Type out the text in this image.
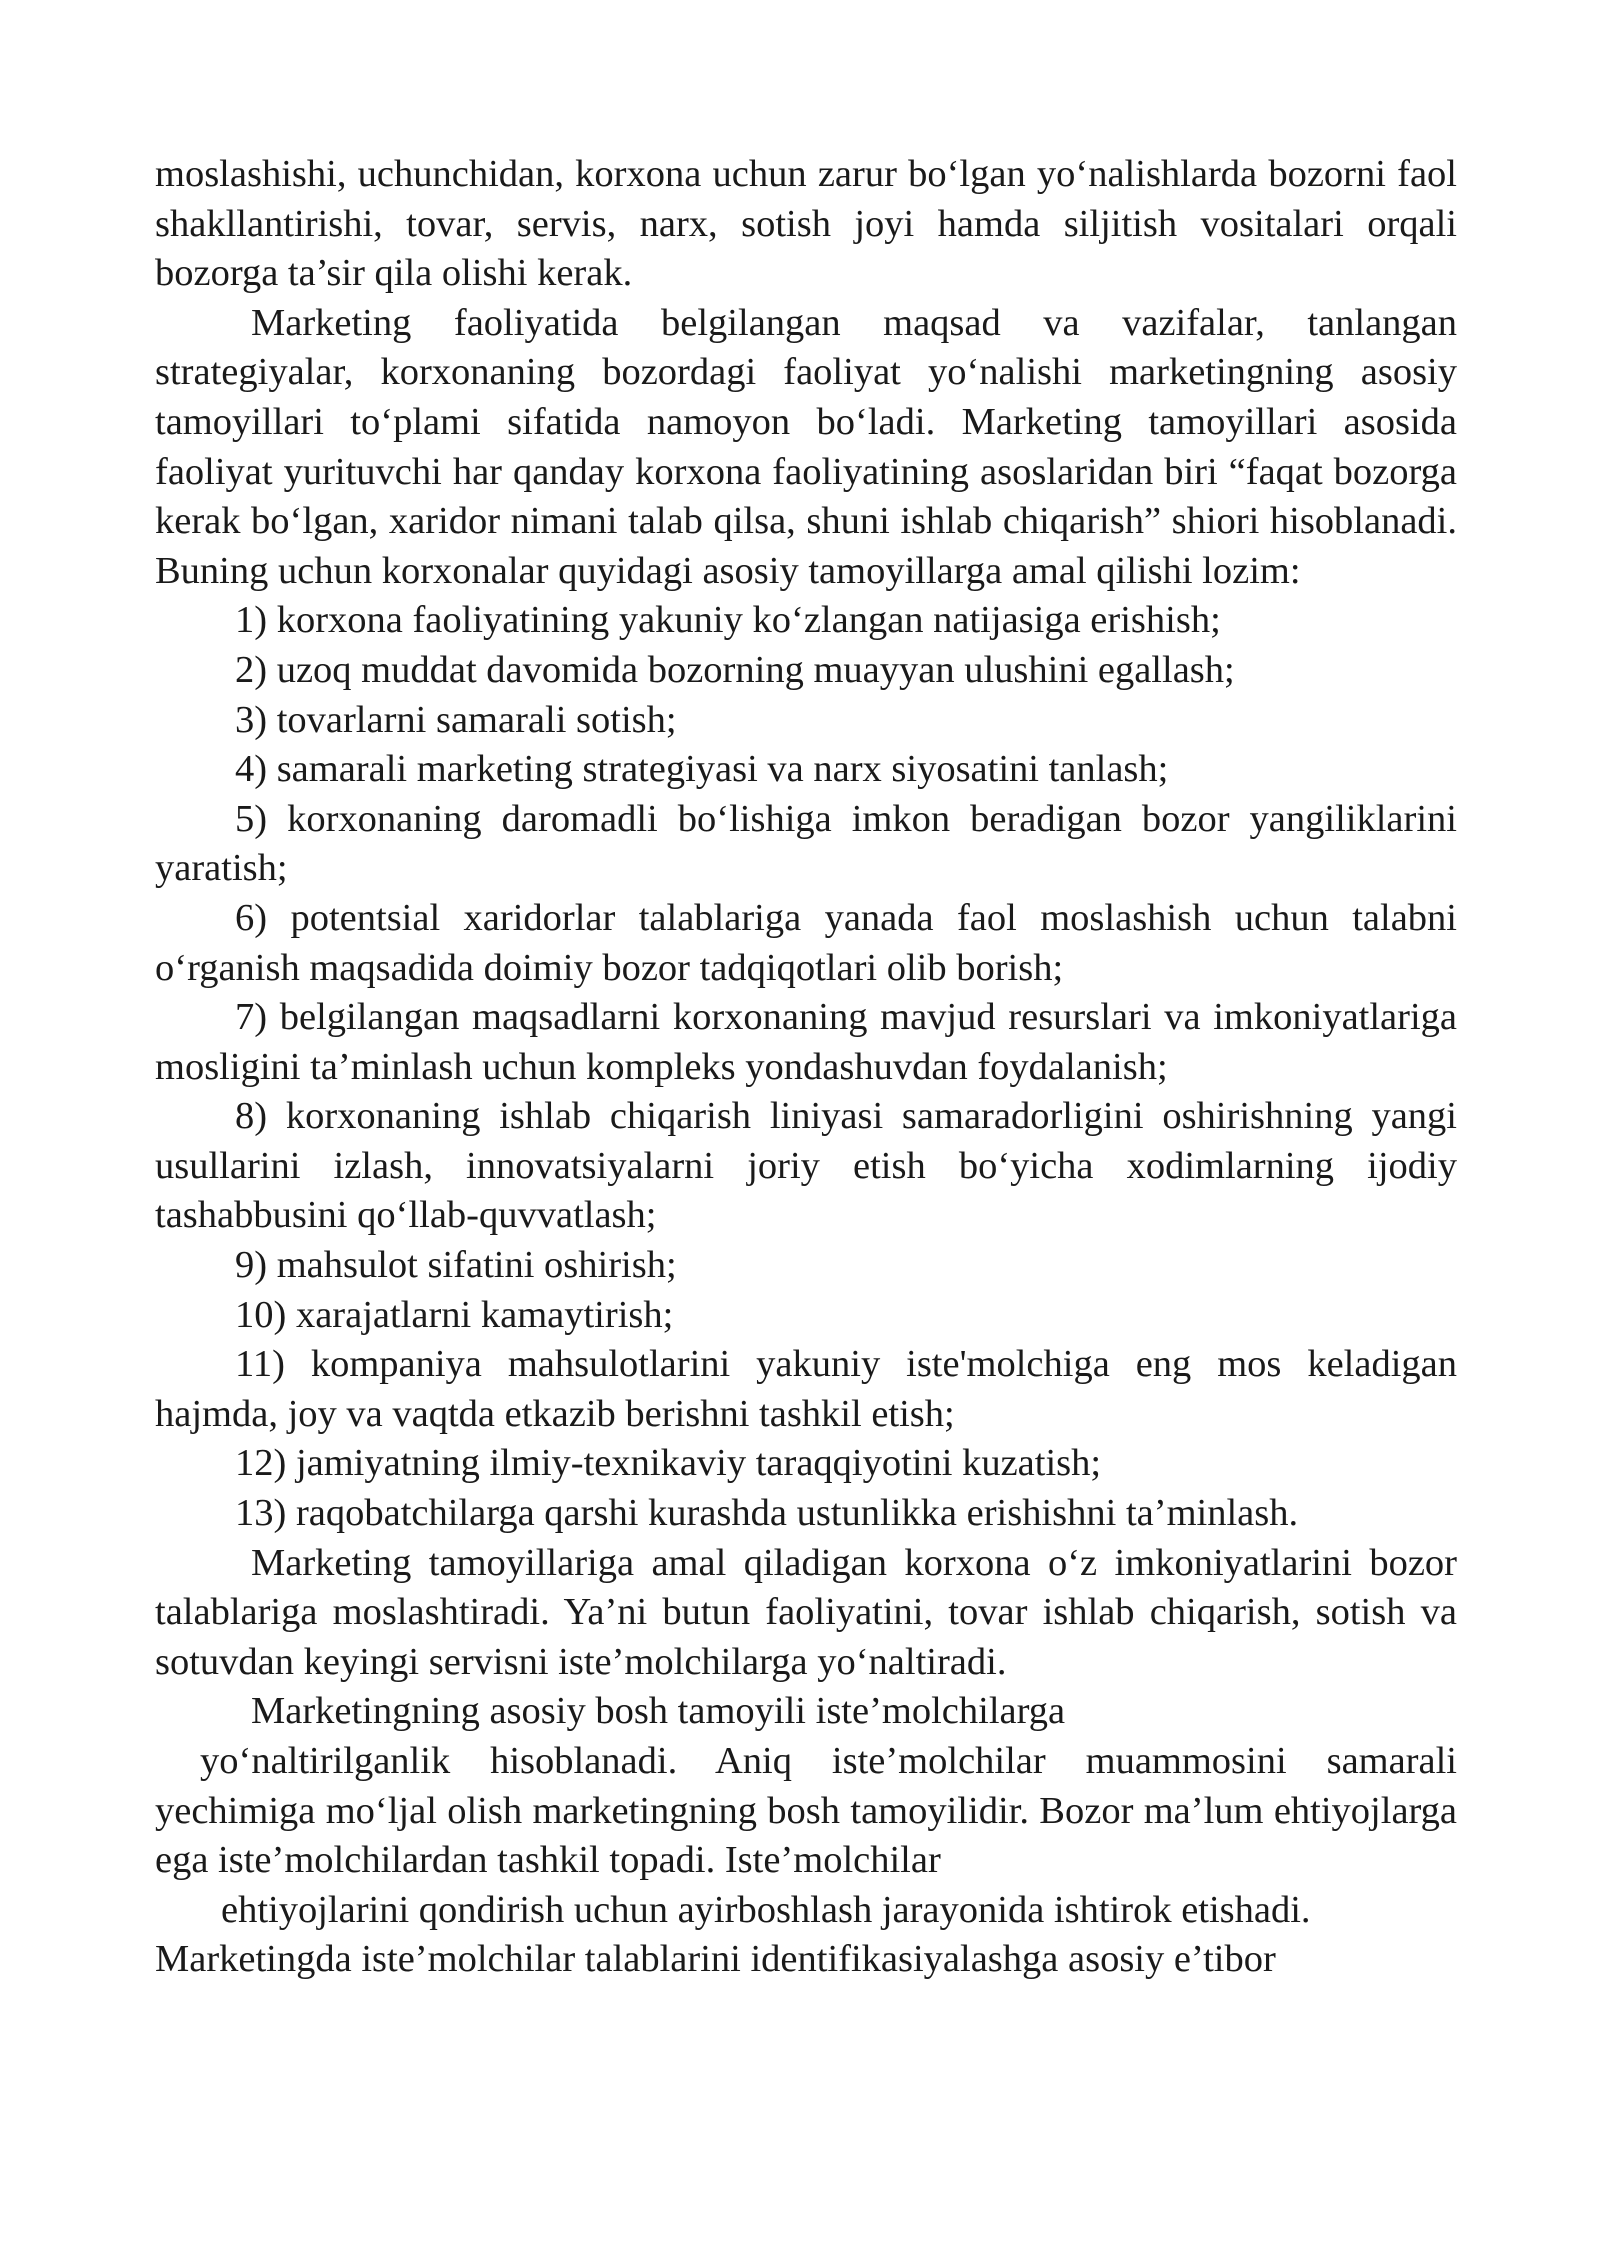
moslashishi, uchunchidan, korxona uchun zarur bo‘lgan yo‘nalishlarda bozorni faol shakllantirishi, tovar, servis, narx, sotish joyi hamda siljitish vositalari orqali bozorga ta’sir qila olishi kerak.

Marketing faoliyatida belgilangan maqsad va vazifalar, tanlangan strategiyalar, korxonaning bozordagi faoliyat yo‘nalishi marketingning asosiy tamoyillari to‘plami sifatida namoyon bo‘ladi. Marketing tamoyillari asosida faoliyat yurituvchi har qanday korxona faoliyatining asoslaridan biri “faqat bozorga kerak bo‘lgan, xaridor nimani talab qilsa, shuni ishlab chiqarish” shiori hisoblanadi. Buning uchun korxonalar quyidagi asosiy tamoyillarga amal qilishi lozim:

1) korxona faoliyatining yakuniy ko‘zlangan natijasiga erishish;

2) uzoq muddat davomida bozorning muayyan ulushini egallash;

3) tovarlarni samarali sotish;

4) samarali marketing strategiyasi va narx siyosatini tanlash;

5) korxonaning daromadli bo‘lishiga imkon beradigan bozor yangiliklarini yaratish;

6) potentsial xaridorlar talablariga yanada faol moslashish uchun talabni o‘rganish maqsadida doimiy bozor tadqiqotlari olib borish;

7) belgilangan maqsadlarni korxonaning mavjud resurslari va imkoniyatlariga mosligini ta’minlash uchun kompleks yondashuvdan foydalanish;

8) korxonaning ishlab chiqarish liniyasi samaradorligini oshirishning yangi usullarini izlash, innovatsiyalarni joriy etish bo‘yicha xodimlarning ijodiy tashabbusini qo‘llab-quvvatlash;

9) mahsulot sifatini oshirish;

10) xarajatlarni kamaytirish;

11) kompaniya mahsulotlarini yakuniy iste'molchiga eng mos keladigan hajmda, joy va vaqtda etkazib berishni tashkil etish;

12) jamiyatning ilmiy-texnikaviy taraqqiyotini kuzatish;

13) raqobatchilarga qarshi kurashda ustunlikka erishishni ta’minlash.

Marketing tamoyillariga amal qiladigan korxona o‘z imkoniyatlarini bozor talablariga moslashtiradi. Ya’ni butun faoliyatini, tovar ishlab chiqarish, sotish va sotuvdan keyingi servisni iste’molchilarga yo‘naltiradi.

Marketingning asosiy bosh tamoyili iste’molchilarga

yo‘naltirilganlik hisoblanadi. Aniq iste’molchilar muammosini samarali yechimiga mo‘ljal olish marketingning bosh tamoyilidir. Bozor ma’lum ehtiyojlarga ega iste’molchilardan tashkil topadi. Iste’molchilar

ehtiyojlarini qondirish uchun ayirboshlash jarayonida ishtirok etishadi.

Marketingda iste’molchilar talablarini identifikasiyalashga asosiy e’tibor
